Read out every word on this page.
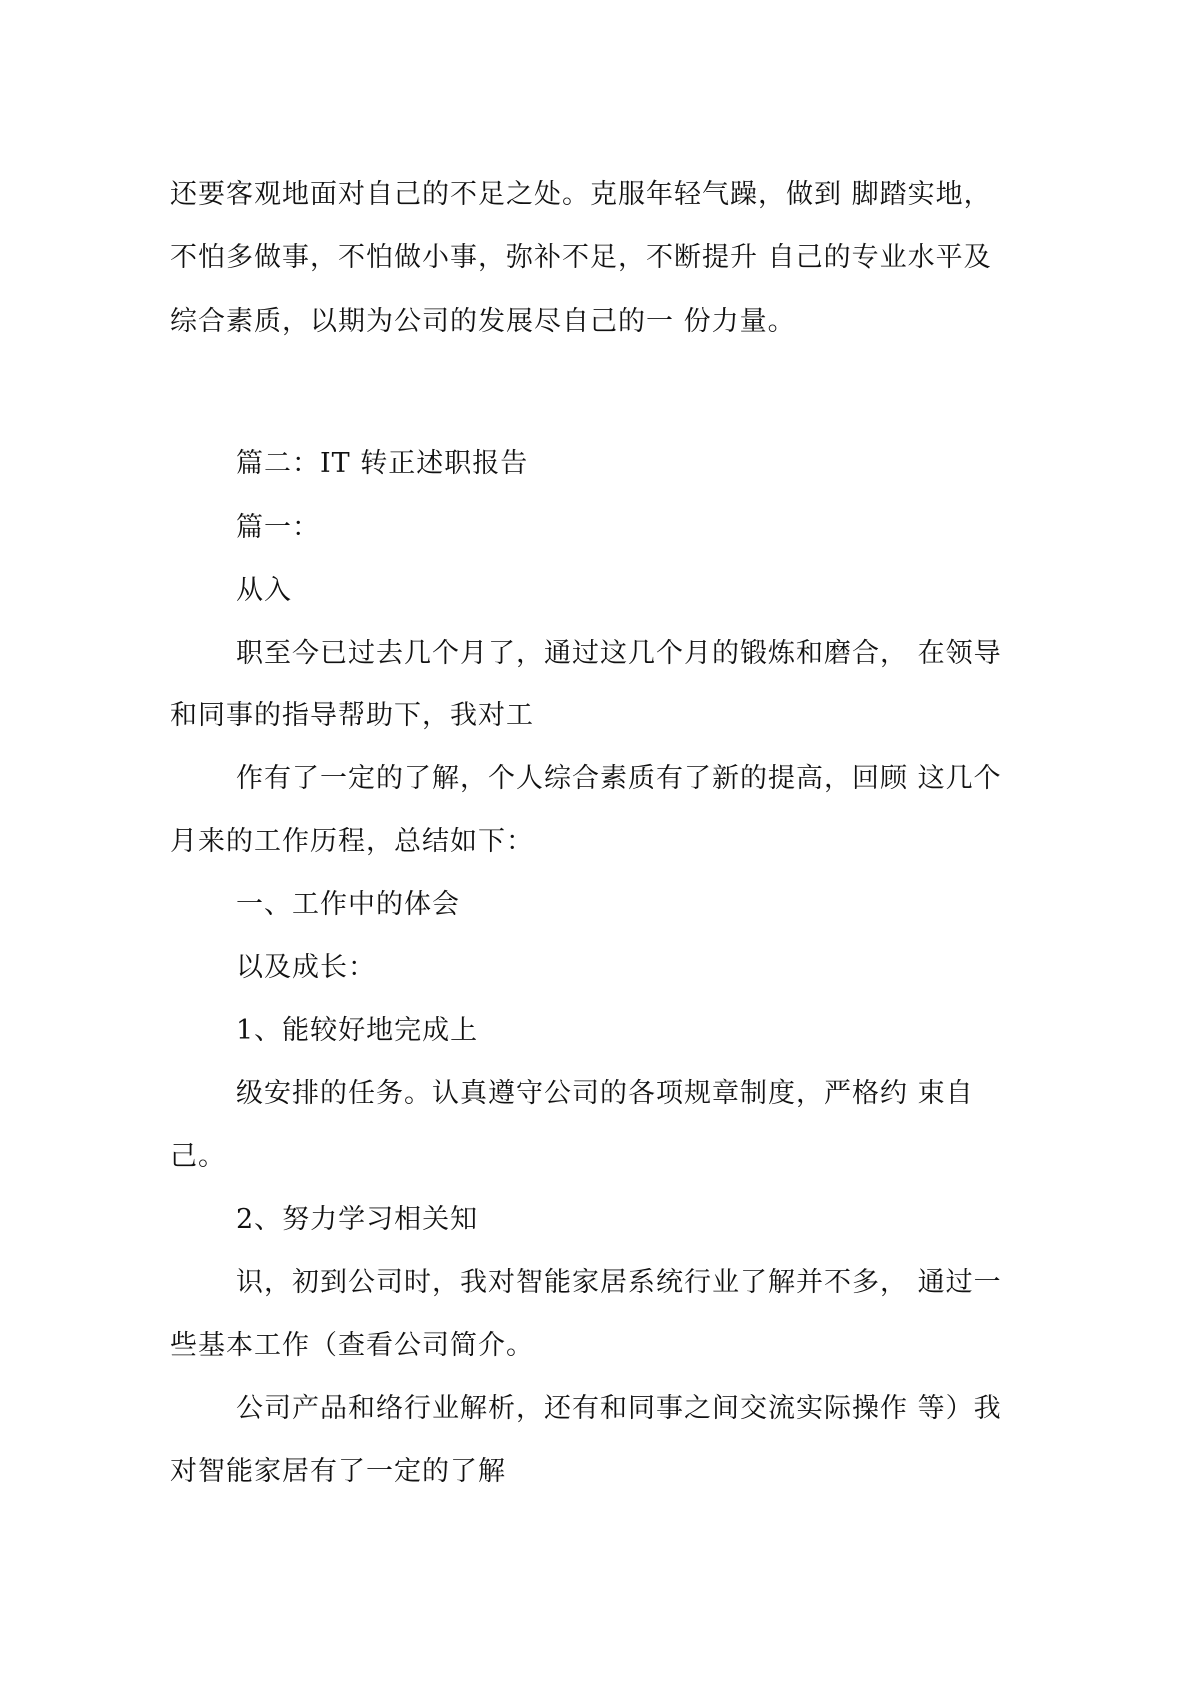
还要客观地面对自己的不足之处。克服年轻气躁，做到 脚踏实地，
不怕多做事，不怕做小事，弥补不足，不断提升 自己的专业水平及
综合素质，以期为公司的发展尽自己的一 份力量。
篇二：IT 转正述职报告
篇一：
从入
职至今已过去几个月了，通过这几个月的锻炼和磨合， 在领导
和同事的指导帮助下，我对工
作有了一定的了解，个人综合素质有了新的提高，回顾 这几个
月来的工作历程，总结如下：
一、工作中的体会
以及成长：
1、能较好地完成上
级安排的任务。认真遵守公司的各项规章制度，严格约 束自
己。
2、努力学习相关知
识，初到公司时，我对智能家居系统行业了解并不多， 通过一
些基本工作（查看公司简介。
公司产品和络行业解析，还有和同事之间交流实际操作 等）我
对智能家居有了一定的了解
